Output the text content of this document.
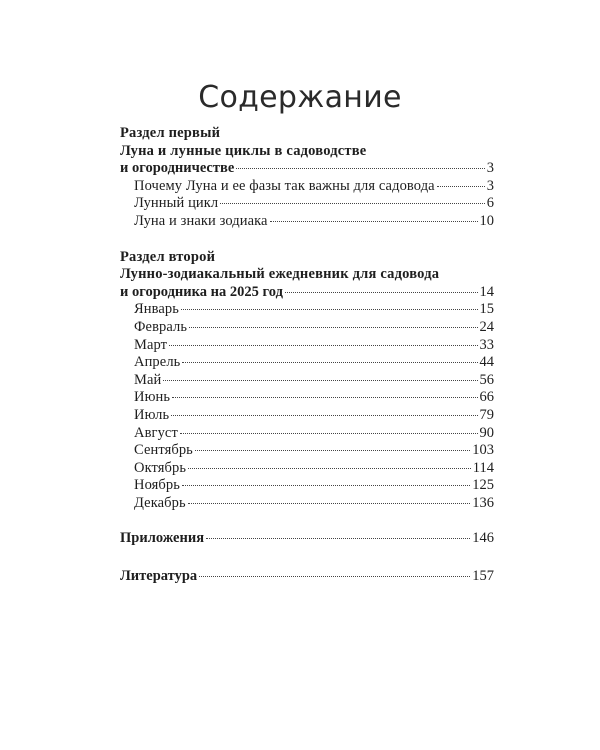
Содержание
Раздел первый
Луна и лунные циклы в садоводстве
и огородничестве	3
Почему Луна и ее фазы так важны для садовода	3
Лунный цикл	6
Луна и знаки зодиака	10
Раздел второй
Лунно-зодиакальный ежедневник для садовода
и огородника на 2025 год	14
Январь	15
Февраль	24
Март	33
Апрель	44
Май	56
Июнь	66
Июль	79
Август	90
Сентябрь	103
Октябрь	114
Ноябрь	125
Декабрь	136
Приложения	146
Литература	157
